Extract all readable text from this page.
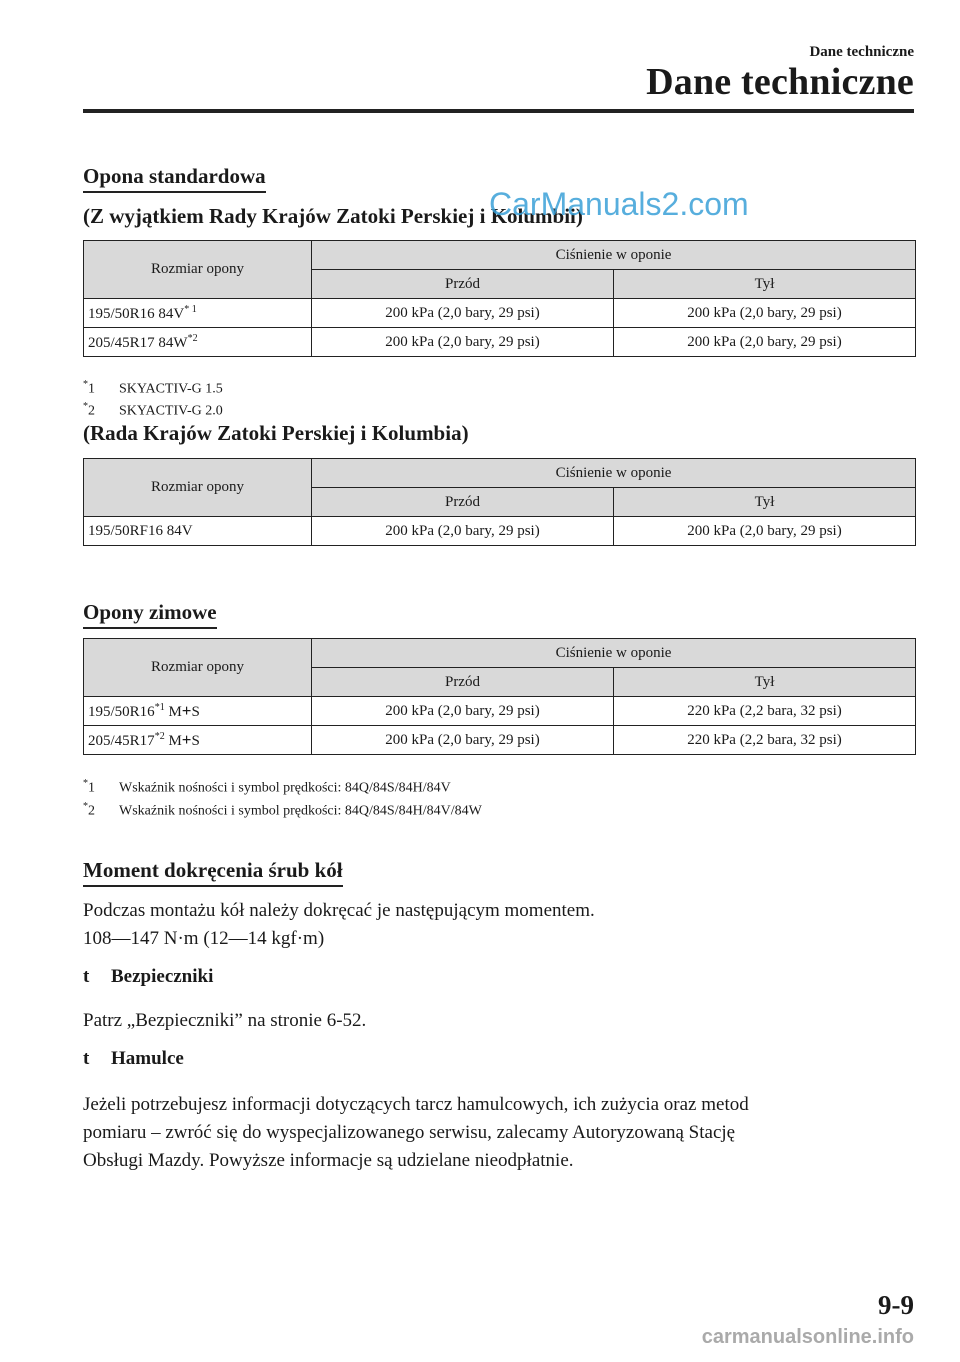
Dane techniczne
Dane techniczne
Opona standardowa
(Z wyjątkiem Rady Krajów Zatoki Perskiej i Kolumbii)
CarManuals2.com
Rozmiar opony	Ciśnienie w oponie	
	Przód	Tył
195/50R16 $84V^{* 1}$	200 kPa (2,0 bary, 29 psi)	200 kPa (2,0 bary, 29 psi)
205/45R17 $84W^{*2}$	200 kPa (2,0 bary, 29 psi)	200 kPa (2,0 bary, 29 psi)
*1 SKYACTIV-G 1.5
*2 SKYACTIV-G 2.0
(Rada Krajów Zatoki Perskiej i Kolumbia)
Rozmiar opony	Ciśnienie w oponie	
	Przód	Tył
195/50RF16 84V	200 kPa (2,0 bary, 29 psi)	200 kPa (2,0 bary, 29 psi)
Opony zimowe
Rozmiar opony	Ciśnienie w oponie	
	Przód	Tył
195/50R16$^{*1}$ M+S	200 kPa (2,0 bary, 29 psi)	220 kPa (2,2 bara, 32 psi)
205/45R17$^{*2}$ M+S	200 kPa (2,0 bary, 29 psi)	220 kPa (2,2 bara, 32 psi)
*1 Wskaźnik nośności i symbol prędkości: 84Q/84S/84H/84V
*2 Wskaźnik nośności i symbol prędkości: 84Q/84S/84H/84V/84W
Moment dokręcenia śrub kół
Podczas montażu kół należy dokręcać je następującym momentem.
108—147 N·m (12—14 kgf·m)
t Bezpieczniki
Patrz „Bezpieczniki” na stronie 6-52.
t Hamulce
Jeżeli potrzebujesz informacji dotyczących tarcz hamulcowych, ich zużycia oraz metod
pomiaru – zwróć się do wyspecjalizowanego serwisu, zalecamy Autoryzowaną Stację
Obsługi Mazdy. Powyższe informacje są udzielane nieodpłatnie.
9-9
carmanualsonline.info
